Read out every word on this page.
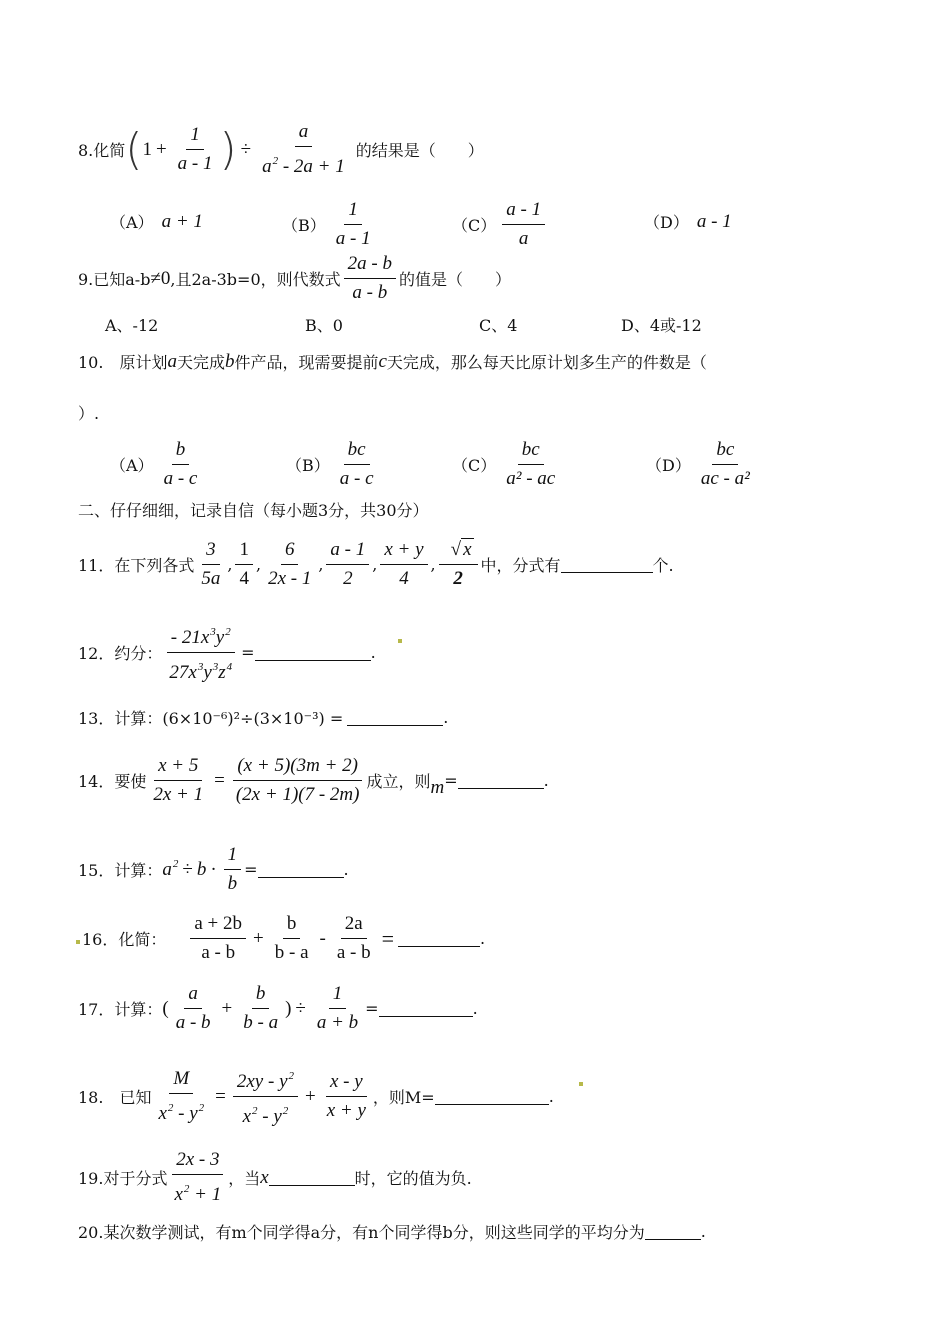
8.化简 ( $1 + \frac{1}{a - 1}$ ) ÷ $\frac{a}{a^2 - 2a + 1}$ 的结果是（　　）
（A） a + 1	$(B) \frac{1}{a - 1}$	$(C) \frac{a - 1}{a}$	（D） a - 1
9.已知a-b ≠0 ,且2a-3b=0，则代数式 $\frac{2a - b}{a - b}$ 的值是（　　）
A、-12	B、0	C、4	D、4或-12
10.　原计划 a 天完成 b 件产品，现需要提前 c 天完成，那么每天比原计划多生产的件数是（
）.
$(A) \frac{b}{a - c}$	$(B) \frac{bc}{a - c}$	$(C) \frac{bc}{\text{a² - ac}}$	$(D) \frac{bc}{\text{ac - a²}}$
二、仔仔细细，记录自信（每小题3分，共30分）
11．在下列各式 $\frac{3}{5a}$ , $\frac{1}{4}$ , $\frac{6}{2x - 1}$ , $\frac{a - 1}{2}$ , $\frac{x + y}{4}$ , $\frac{√ x}{2}$ 中，分式有	个.
12．约分： $\frac{- 21x^3y^2}{27x^3y^3z^4}$ =	.
13．计算：(6×10⁻⁶)²÷(3×10⁻³) =	.
14．要使 $\frac{x + 5}{2x + 1} = \frac{(x + 5)(3m + 2)}{(2x + 1)(7 - 2m)}$ 成立，则 m =	.
15．计算： $a^2 \div b \cdot \frac{1}{b}$ =	.
16．化简： $\frac{a + 2b}{a - b} + \frac{b}{b - a} - \frac{2a}{a - b}$ =	.
17．计算： ( $\frac{a}{a - b} + \frac{b}{b - a}$ ) ÷ $\frac{1}{a + b}$ =	.
18.　已知 $\frac{M}{x^2 - y^2} = \frac{2xy - y^2}{x^2 - y^2} + \frac{x - y}{x + y}$ ，则M=	.
19.对于分式 $\frac{2x - 3}{x^2 + 1}$ ，当 x	时，它的值为负.
20.某次数学测试，有m个同学得a分，有n个同学得b分，则这些同学的平均分为	.
